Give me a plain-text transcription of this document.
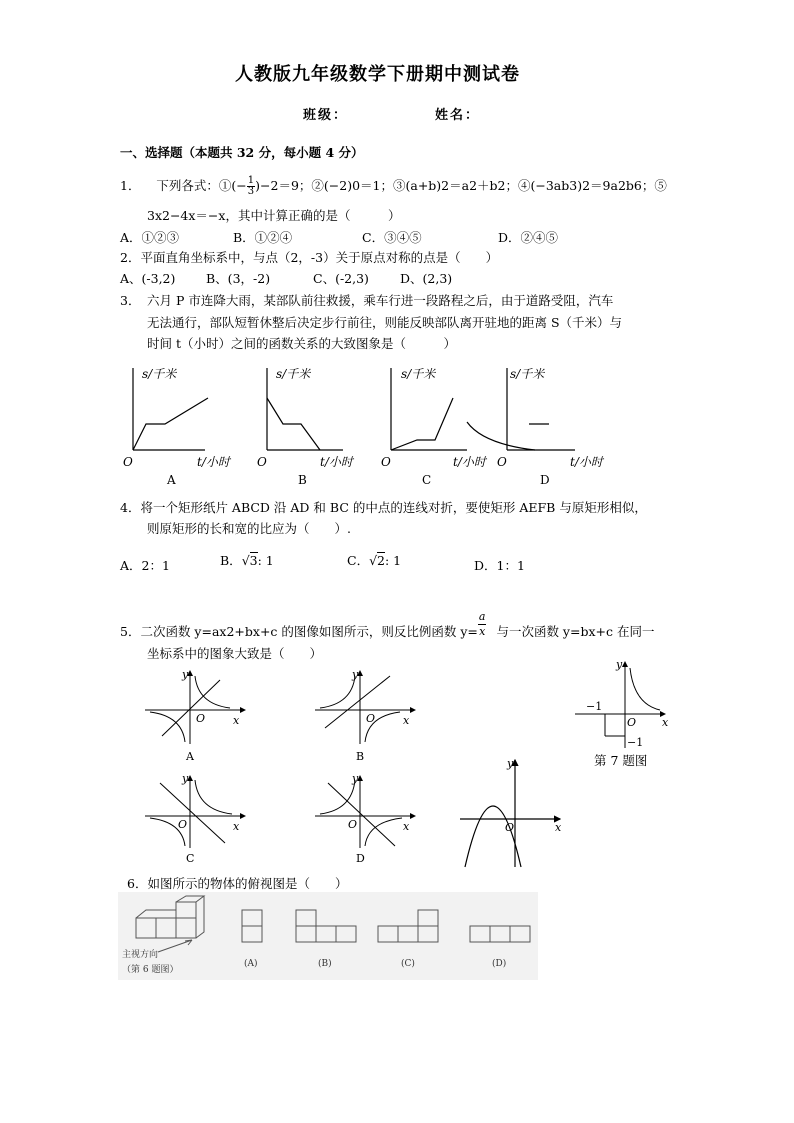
人教版九年级数学下册期中测试卷
班级：	姓名：
一、选择题（本题共 32 分，每小题 4 分）
1． 下列各式：①(− $\frac{1}{3} )-2=9$；②(−2)0＝1；③(a+b)2＝a2＋b2；④(−3ab3)2＝9a2b6；⑤
3x2−4x＝−x，其中计算正确的是（　　　）
A．①②③	B．①②④	C．③④⑤	D．②④⑤
2．平面直角坐标系中，与点（2，-3）关于原点对称的点是（　　）
A、(-3,2) B、(3，-2)	C、(-2,3) D、(2,3)
3． 六月 P 市连降大雨，某部队前往救援，乘车行进一段路程之后，由于道路受阻，汽车
无法通行，部队短暂休整后决定步行前往，则能反映部队离开驻地的距离 S（千米）与
时间 t（小时）之间的函数关系的大致图象是（　　　）
s/千米	s/千米	s/千米	s/千米
t/小时	t/小时	t/小时	t/小时
O	O	O	O
A	B	C	D
4．将一个矩形纸片 ABCD 沿 AD 和 BC 的中点的连线对折，要使矩形 AEFB 与原矩形相似，
则原矩形的长和宽的比应为（　　）.
A．2：1	B．√3: 1	C．√2: 1	D．1：1
5．二次函数 y=ax2+bx+c 的图像如图所示，则反比例函数 $y= \frac{a}{x}$ 与一次函数 y=bx+c 在同一
坐标系中的图象大致是（　　）
y
x
O
A
y
x
O
B
y
x
O
C
y
x
O
D
y
x
O
−1
−1
y
x
O
第 7 题图
6．如图所示的物体的俯视图是（　　）
主视方向
（第 6 题图）
(A)	(B)	(C)	(D)
